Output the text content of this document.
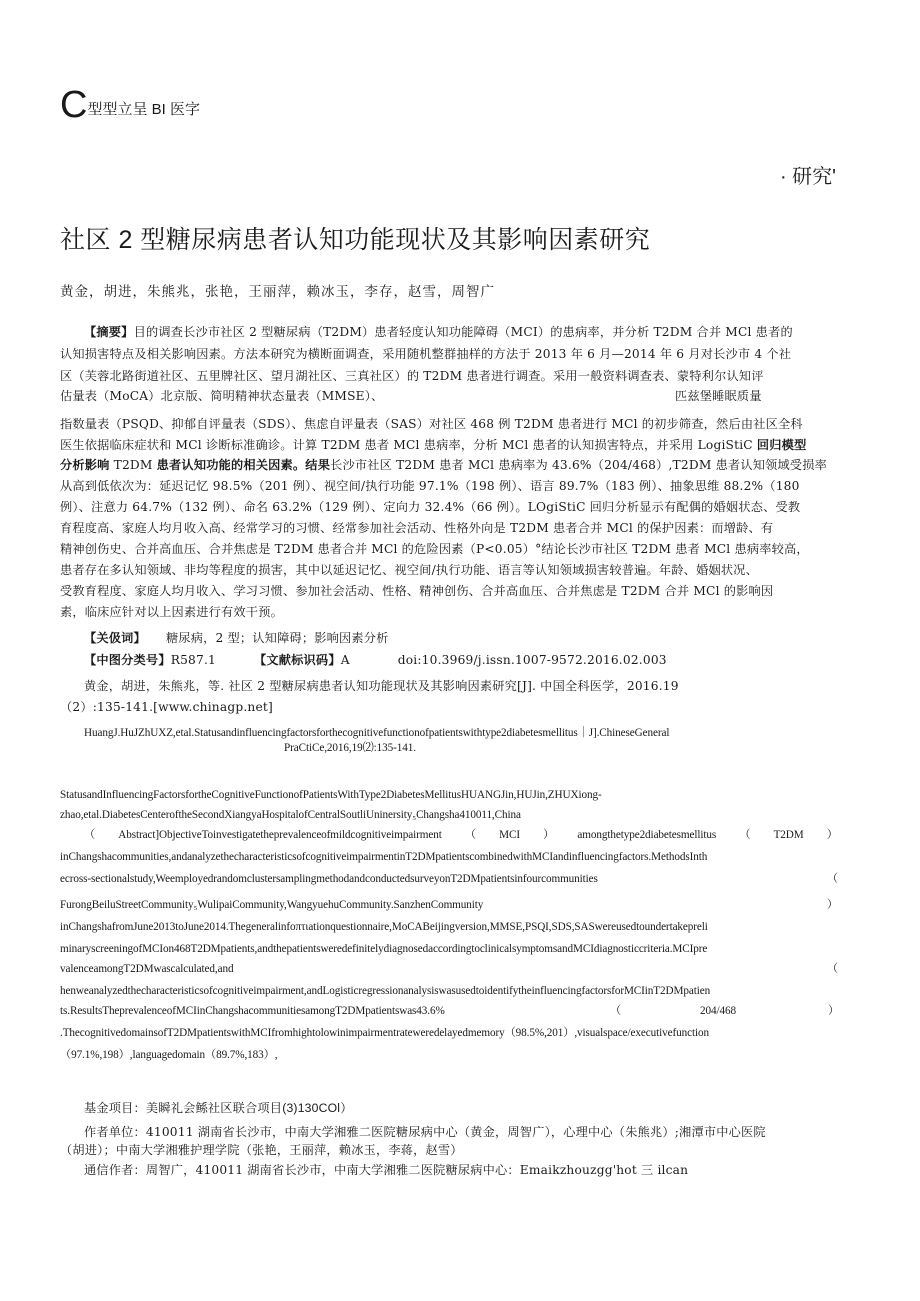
C 型型立呈 BI 医字
· 研究'
社区 2 型糖尿病患者认知功能现状及其影响因素研究
黄金，胡进，朱熊兆，张艳，王丽萍，赖冰玉，李存，赵雪，周智广
【摘要】目的调查长沙市社区 2 型糖尿病（T2DM）患者轻度认知功能障碍（MCI）的患病率，并分析 T2DM 合并 MCl 患者的
认知损害特点及相关影响因素。方法本研究为横断面调查，采用随机整群抽样的方法于 2013 年 6 月—2014 年 6 月对长沙市 4 个社
区（芙蓉北路街道社区、五里牌社区、望月湖社区、三真社区）的 T2DM 患者进行调查。采用一般资料调查表、蒙特利尔认知评
估量表（MoCA）北京版、简明精神状态量表（MMSE）、	匹兹堡睡眠质量
指数量表（PSQD、抑郁自评量表（SDS）、焦虑自评量表（SAS）对社区 468 例 T2DM 患者进行 MCl 的初步筛查，然后由社区全科
医生依据临床症状和 MCl 诊断标准确诊。计算 T2DM 患者 MCl 患病率，分析 MCl 患者的认知损害特点，并采用 LogiStiC 回归模型
分析影响 T2DM 患者认知功能的相关因素。结果长沙市社区 T2DM 患者 MCl 患病率为 43.6%（204/468）,T2DM 患者认知领域受损率
从高到低依次为：延迟记忆 98.5%（201 例）、视空间/执行功能 97.1%（198 例）、语言 89.7%（183 例）、抽象思维 88.2%（180
例）、注意力 64.7%（132 例）、命名 63.2%（129 例）、定向力 32.4%（66 例）。LOgiStiC 回归分析显示有配偶的婚姻状态、受教
育程度高、家庭人均月收入高、经常学习的习惯、经常参加社会活动、性格外向是 T2DM 患者合并 MCl 的保护因素：而增龄、有
精神创伤史、合并高血压、合并焦虑是 T2DM 患者合并 MCl 的危险因素（P<0.05）°结论长沙市社区 T2DM 患者 MCl 患病率较高，
患者存在多认知领域、非均等程度的损害，其中以延迟记忆、视空间/执行功能、语言等认知领域损害较普遍。年龄、婚姻状况、
受教育程度、家庭人均月收入、学习习惯、参加社会活动、性格、精神创伤、合并高血压、合并焦虑是 T2DM 合并 MCl 的影响因
素，临床应针对以上因素进行有效干预。
【关伋词】 糖尿病，2 型；认知障碍；影响因素分析
【中图分类号】R587.1	【文献标识码】A	doi:10.3969/j.issn.1007-9572.2016.02.003
黄金，胡进，朱熊兆，等. 社区 2 型糖尿病患者认知功能现状及其影响因素研究[J]. 中国全科医学，2016.19
（2）:135-141.[www.chinagp.net]
HuangJ.HuJZhUXZ,etal.Statusandinfluencingfactorsforthecognitivefunctionofpatientswithtype2diabetesmellitus｜J].ChineseGeneral
PraCtiCe,2016,19⑵:135-141.
StatusandInfluencingFactorsfortheCognitiveFunctionofPatientsWithType2DiabetesMellitusHUANGJin,HUJin,ZHUXiong-
zhao,etal.DiabetesCenteroftheSecondXiangyaHospitalofCentralSoutliUninersity₅Changsha410011,China
（ Abstract]ObjectiveToinvestigatetheprevalenceofmildcognitiveimpairment （ MCI ） amongthetype2diabetesmellitus （ T2DM ）
inChangshacommunities,andanalyzethecharacteristicsofcognitiveimpairmentinT2DMpatientscombinedwithMCIandinfluencingfactors.MethodsInth
ecross-sectionalstudy,WeemployedrandomclustersamplingmethodandconductedsurveyonT2DMpatientsinfourcommunities	（
FurongBeiluStreetCommunity₅WulipaiCommunity,WangyuehuCommunity.SanzhenCommunity	）
inChangshafromJune2013toJune2014.Thegeneralinfoπτιationquestionnaire,MoCABeijingversion,MMSE,PSQI,SDS,SASwereusedtoundertakepreli
minaryscreeningofMCIon468T2DMpatients,andthepatientsweredefinitelydiagnosedaccordingtoclinicalsymptomsandMCIdiagnosticcriteria.MCIpre
valenceamongT2DMwascalculated,and	（
henweanalyzedthecharacteristicsofcognitiveimpairment,andLogisticregressionanalysiswasusedtoidentifytheinfluencingfactorsforMCIinT2DMpatien
ts.ResultsTheprevalenceofMCIinChangshacommunitiesamongT2DMpatientswas43.6%	（	204/468	）
.ThecognitivedomainsofT2DMpatientswithMCIfromhightolowinimpairmentrateweredelayedmemory（98.5%,201）,visualspace/executivefunction
（97.1%,198）,languagedomain（89.7%,183）,
基金项目：美瞬礼会鲧社区联合项目(3)130COl）
作者单位：410011 湖南省长沙市，中南大学湘雅二医院糖尿病中心（黄金，周智广），心理中心（朱熊兆）;湘潭市中心医院
（胡进）；中南大学湘雅护理学院（张艳，王丽萍，赖冰玉，李蒋，赵雪）
通信作者：周智广，410011 湖南省长沙市，中南大学湘雅二医院糖尿病中心：Emaikzhouzgg'hot 三 ilcan
